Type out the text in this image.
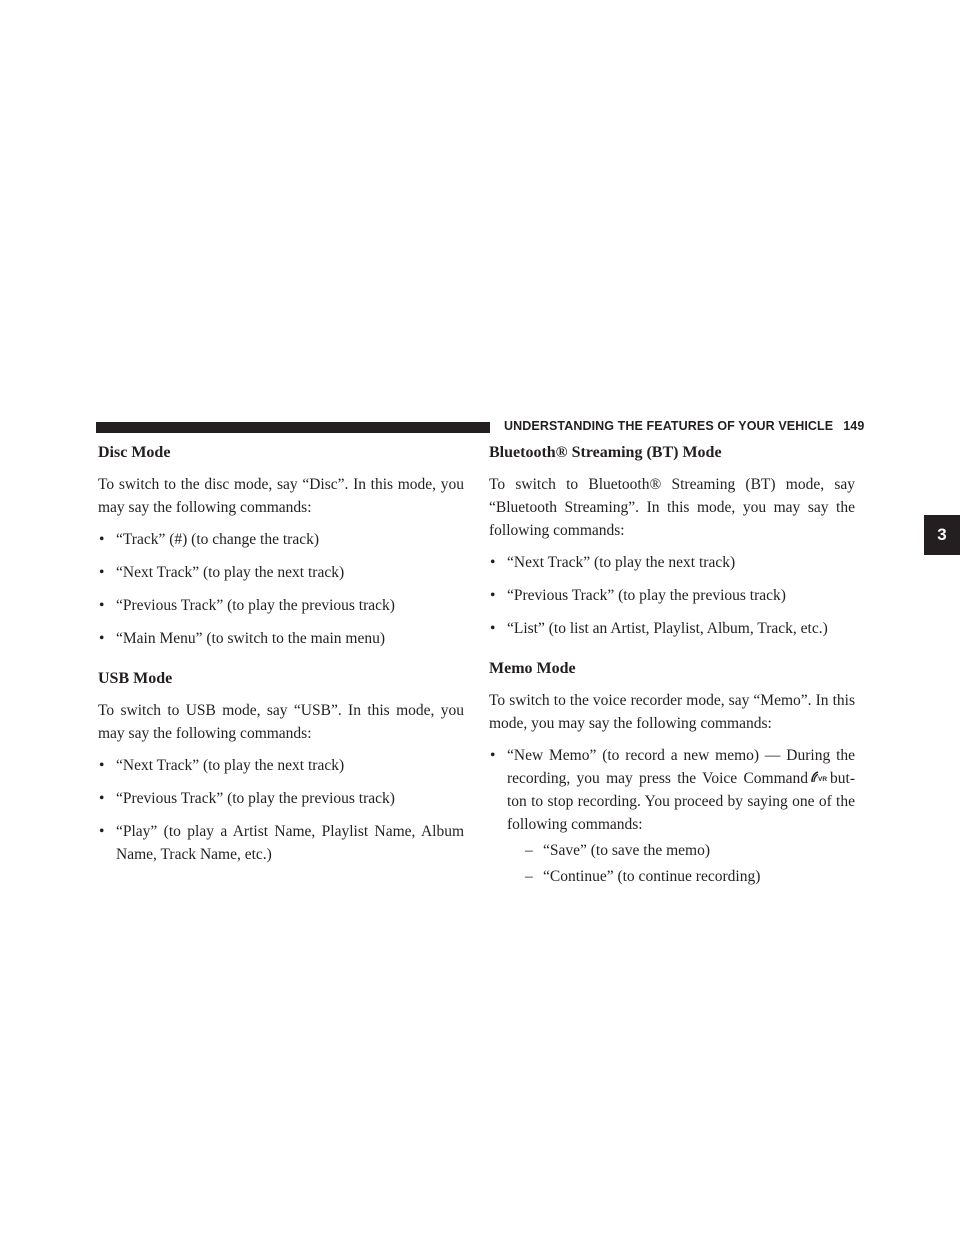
UNDERSTANDING THE FEATURES OF YOUR VEHICLE 149
3
Disc Mode

To switch to the disc mode, say “Disc”. In this mode, you may say the following commands:

• “Track” (#) (to change the track)
• “Next Track” (to play the next track)
• “Previous Track” (to play the previous track)
• “Main Menu” (to switch to the main menu)
USB Mode

To switch to USB mode, say “USB”. In this mode, you may say the following commands:

• “Next Track” (to play the next track)
• “Previous Track” (to play the previous track)
• “Play” (to play a Artist Name, Playlist Name, Album Name, Track Name, etc.)
Bluetooth® Streaming (BT) Mode

To switch to Bluetooth® Streaming (BT) mode, say “Bluetooth Streaming”. In this mode, you may say the following commands:

• “Next Track” (to play the next track)
• “Previous Track” (to play the previous track)
• “List” (to list an Artist, Playlist, Album, Track, etc.)
Memo Mode

To switch to the voice recorder mode, say “Memo”. In this mode, you may say the following commands:

• “New Memo” (to record a new memo) — During the recording, you may press the Voice Command VR but-ton to stop recording. You proceed by saying one of the following commands:
– “Save” (to save the memo)
– “Continue” (to continue recording)
